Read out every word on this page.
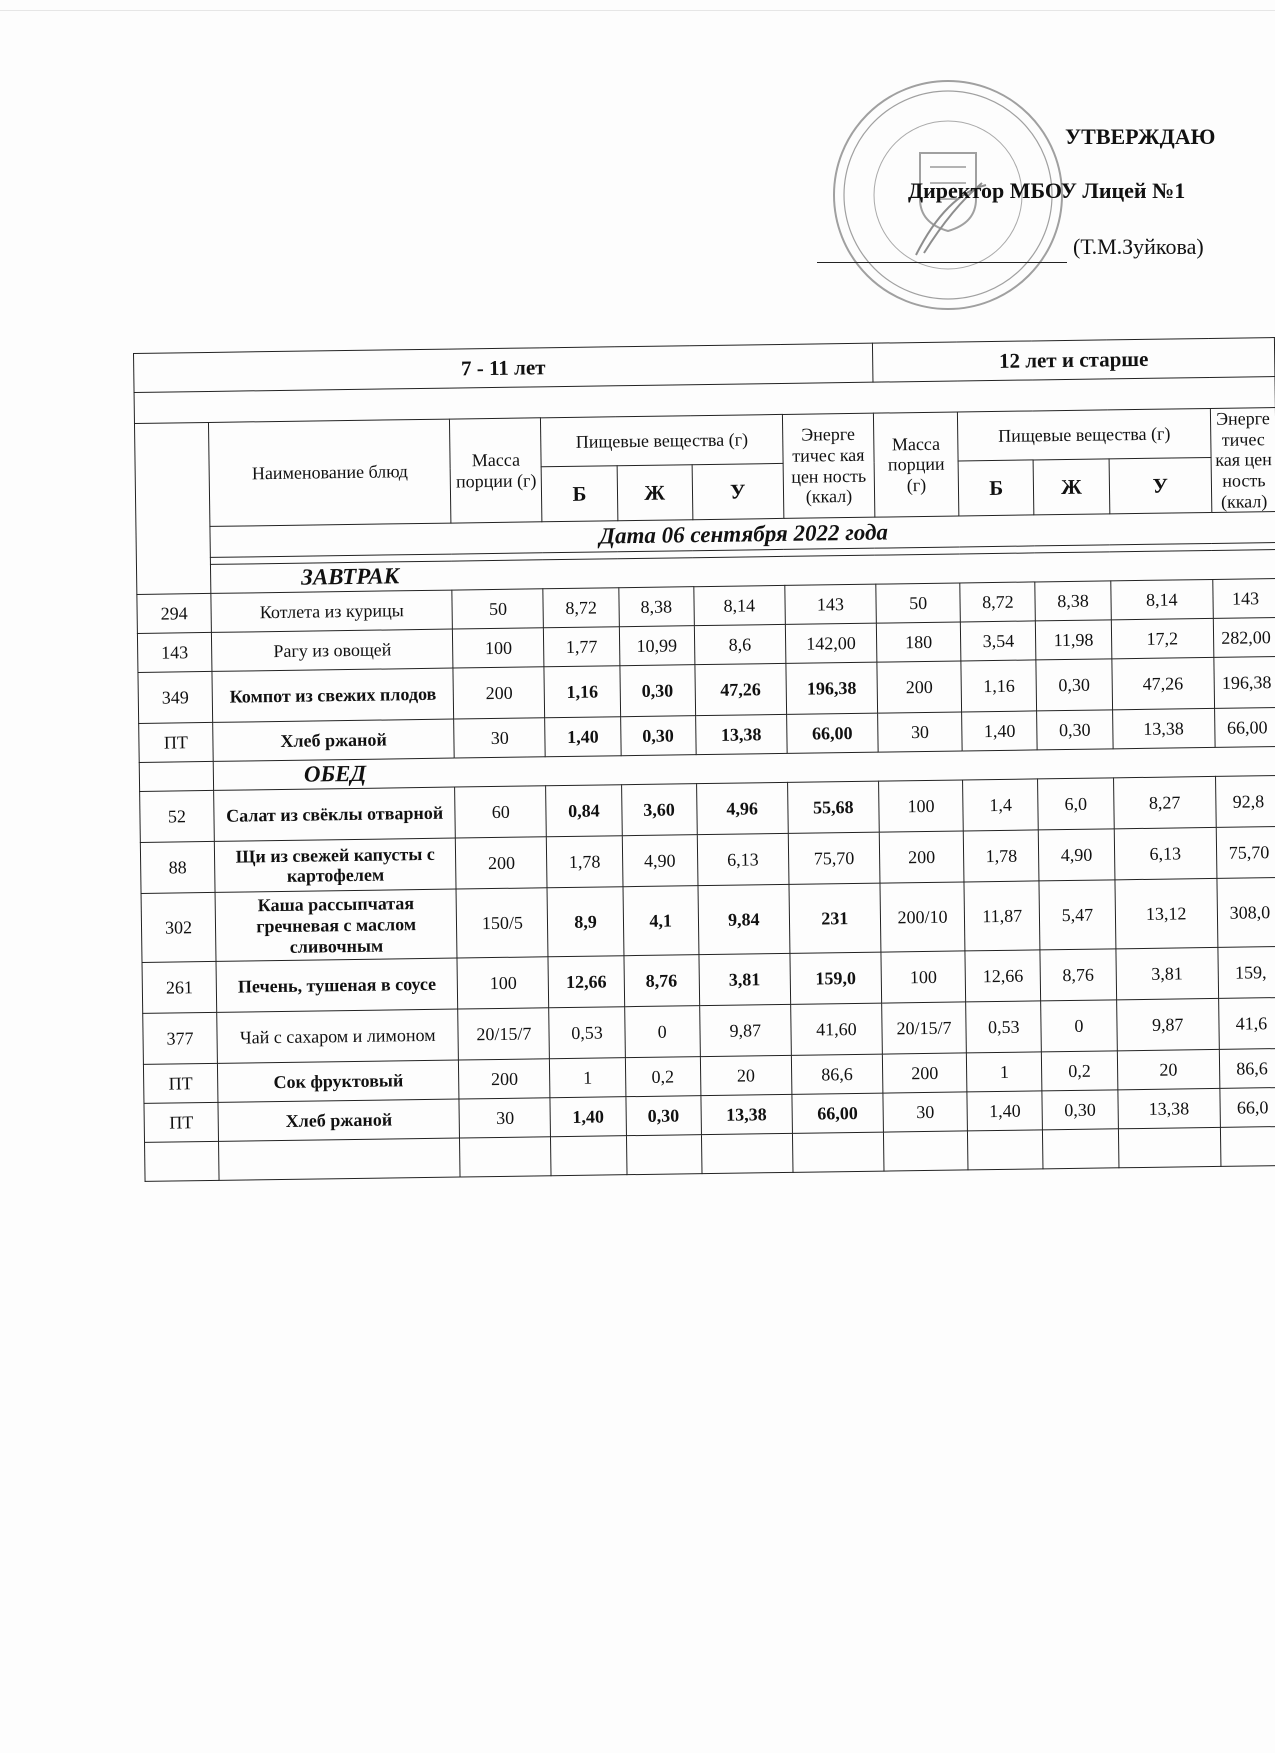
УТВЕРЖДАЮ
Директор МБОУ Лицей №1
(Т.М.Зуйкова)
7 - 11 лет							12 лет и старше				

	Наименование блюд	Масса порции (г)	Пищевые вещества (г)			Энерге тичес кая цен ность (ккал)	Масса порции (г)	Пищевые вещества (г)			Энерге тичес кая цен ность (ккал)
			Б	Ж	У			Б	Ж	У	
	Дата 06 сентября 2022 года										

	ЗАВТРАК										
294	Котлета из курицы	50	8,72	8,38	8,14	143	50	8,72	8,38	8,14	143
143	Рагу из овощей	100	1,77	10,99	8,6	142,00	180	3,54	11,98	17,2	282,00
349	Компот из свежих плодов	200	1,16	0,30	47,26	196,38	200	1,16	0,30	47,26	196,38
ПТ	Хлеб ржаной	30	1,40	0,30	13,38	66,00	30	1,40	0,30	13,38	66,00
	ОБЕД										
52	Салат из свёклы отварной	60	0,84	3,60	4,96	55,68	100	1,4	6,0	8,27	92,8
88	Щи из свежей капусты с картофелем	200	1,78	4,90	6,13	75,70	200	1,78	4,90	6,13	75,70
302	Каша рассыпчатая гречневая с маслом сливочным	150/5	8,9	4,1	9,84	231	200/10	11,87	5,47	13,12	308,0
261	Печень, тушеная в соусе	100	12,66	8,76	3,81	159,0	100	12,66	8,76	3,81	159,
377	Чай с сахаром и лимоном	20/15/7	0,53	0	9,87	41,60	20/15/7	0,53	0	9,87	41,6
ПТ	Сок фруктовый	200	1	0,2	20	86,6	200	1	0,2	20	86,6
ПТ	Хлеб ржаной	30	1,40	0,30	13,38	66,00	30	1,40	0,30	13,38	66,0
